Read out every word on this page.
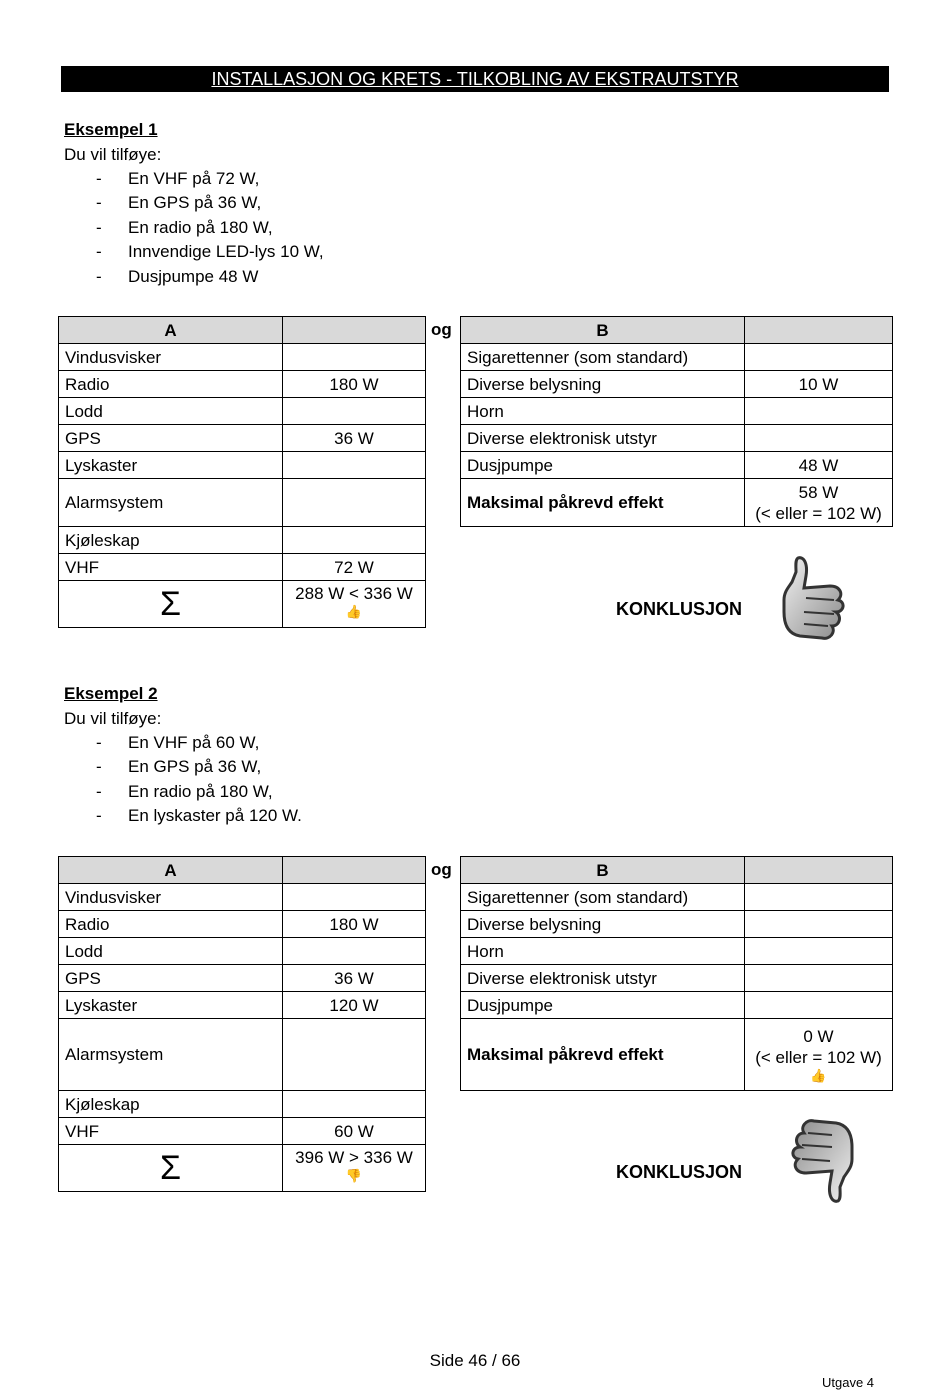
INSTALLASJON OG KRETS - TILKOBLING AV EKSTRAUTSTYR
Eksempel 1
Du vil tilføye:
- En VHF på 72 W,
- En GPS på 36 W,
- En radio på 180 W,
- Innvendige LED-lys 10 W,
- Dusjpumpe 48 W
A	
Vindusvisker	
Radio	180 W
Lodd	
GPS	36 W
Lyskaster	
Alarmsystem	
Kjøleskap	
VHF	72 W
Σ	288 W < 336 W
👍
og	B	
Sigarettenner (som standard)	
Diverse belysning	10 W
Horn	
Diverse elektronisk utstyr	
Dusjpumpe	48 W
Maksimal påkrevd effekt	58 W
(< eller = 102 W)
KONKLUSJON
Eksempel 2
Du vil tilføye:
- En VHF på 60 W,
- En GPS på 36 W,
- En radio på 180 W,
- En lyskaster på 120 W.
A	
Vindusvisker	
Radio	180 W
Lodd	
GPS	36 W
Lyskaster	120 W
Alarmsystem	
Kjøleskap	
VHF	60 W
Σ	396 W > 336 W
👎
og	B	
Sigarettenner (som standard)	
Diverse belysning	
Horn	
Diverse elektronisk utstyr	
Dusjpumpe	
Maksimal påkrevd effekt	0 W
(< eller = 102 W)
👍
KONKLUSJON
Side 46 / 66
Utgave 4
